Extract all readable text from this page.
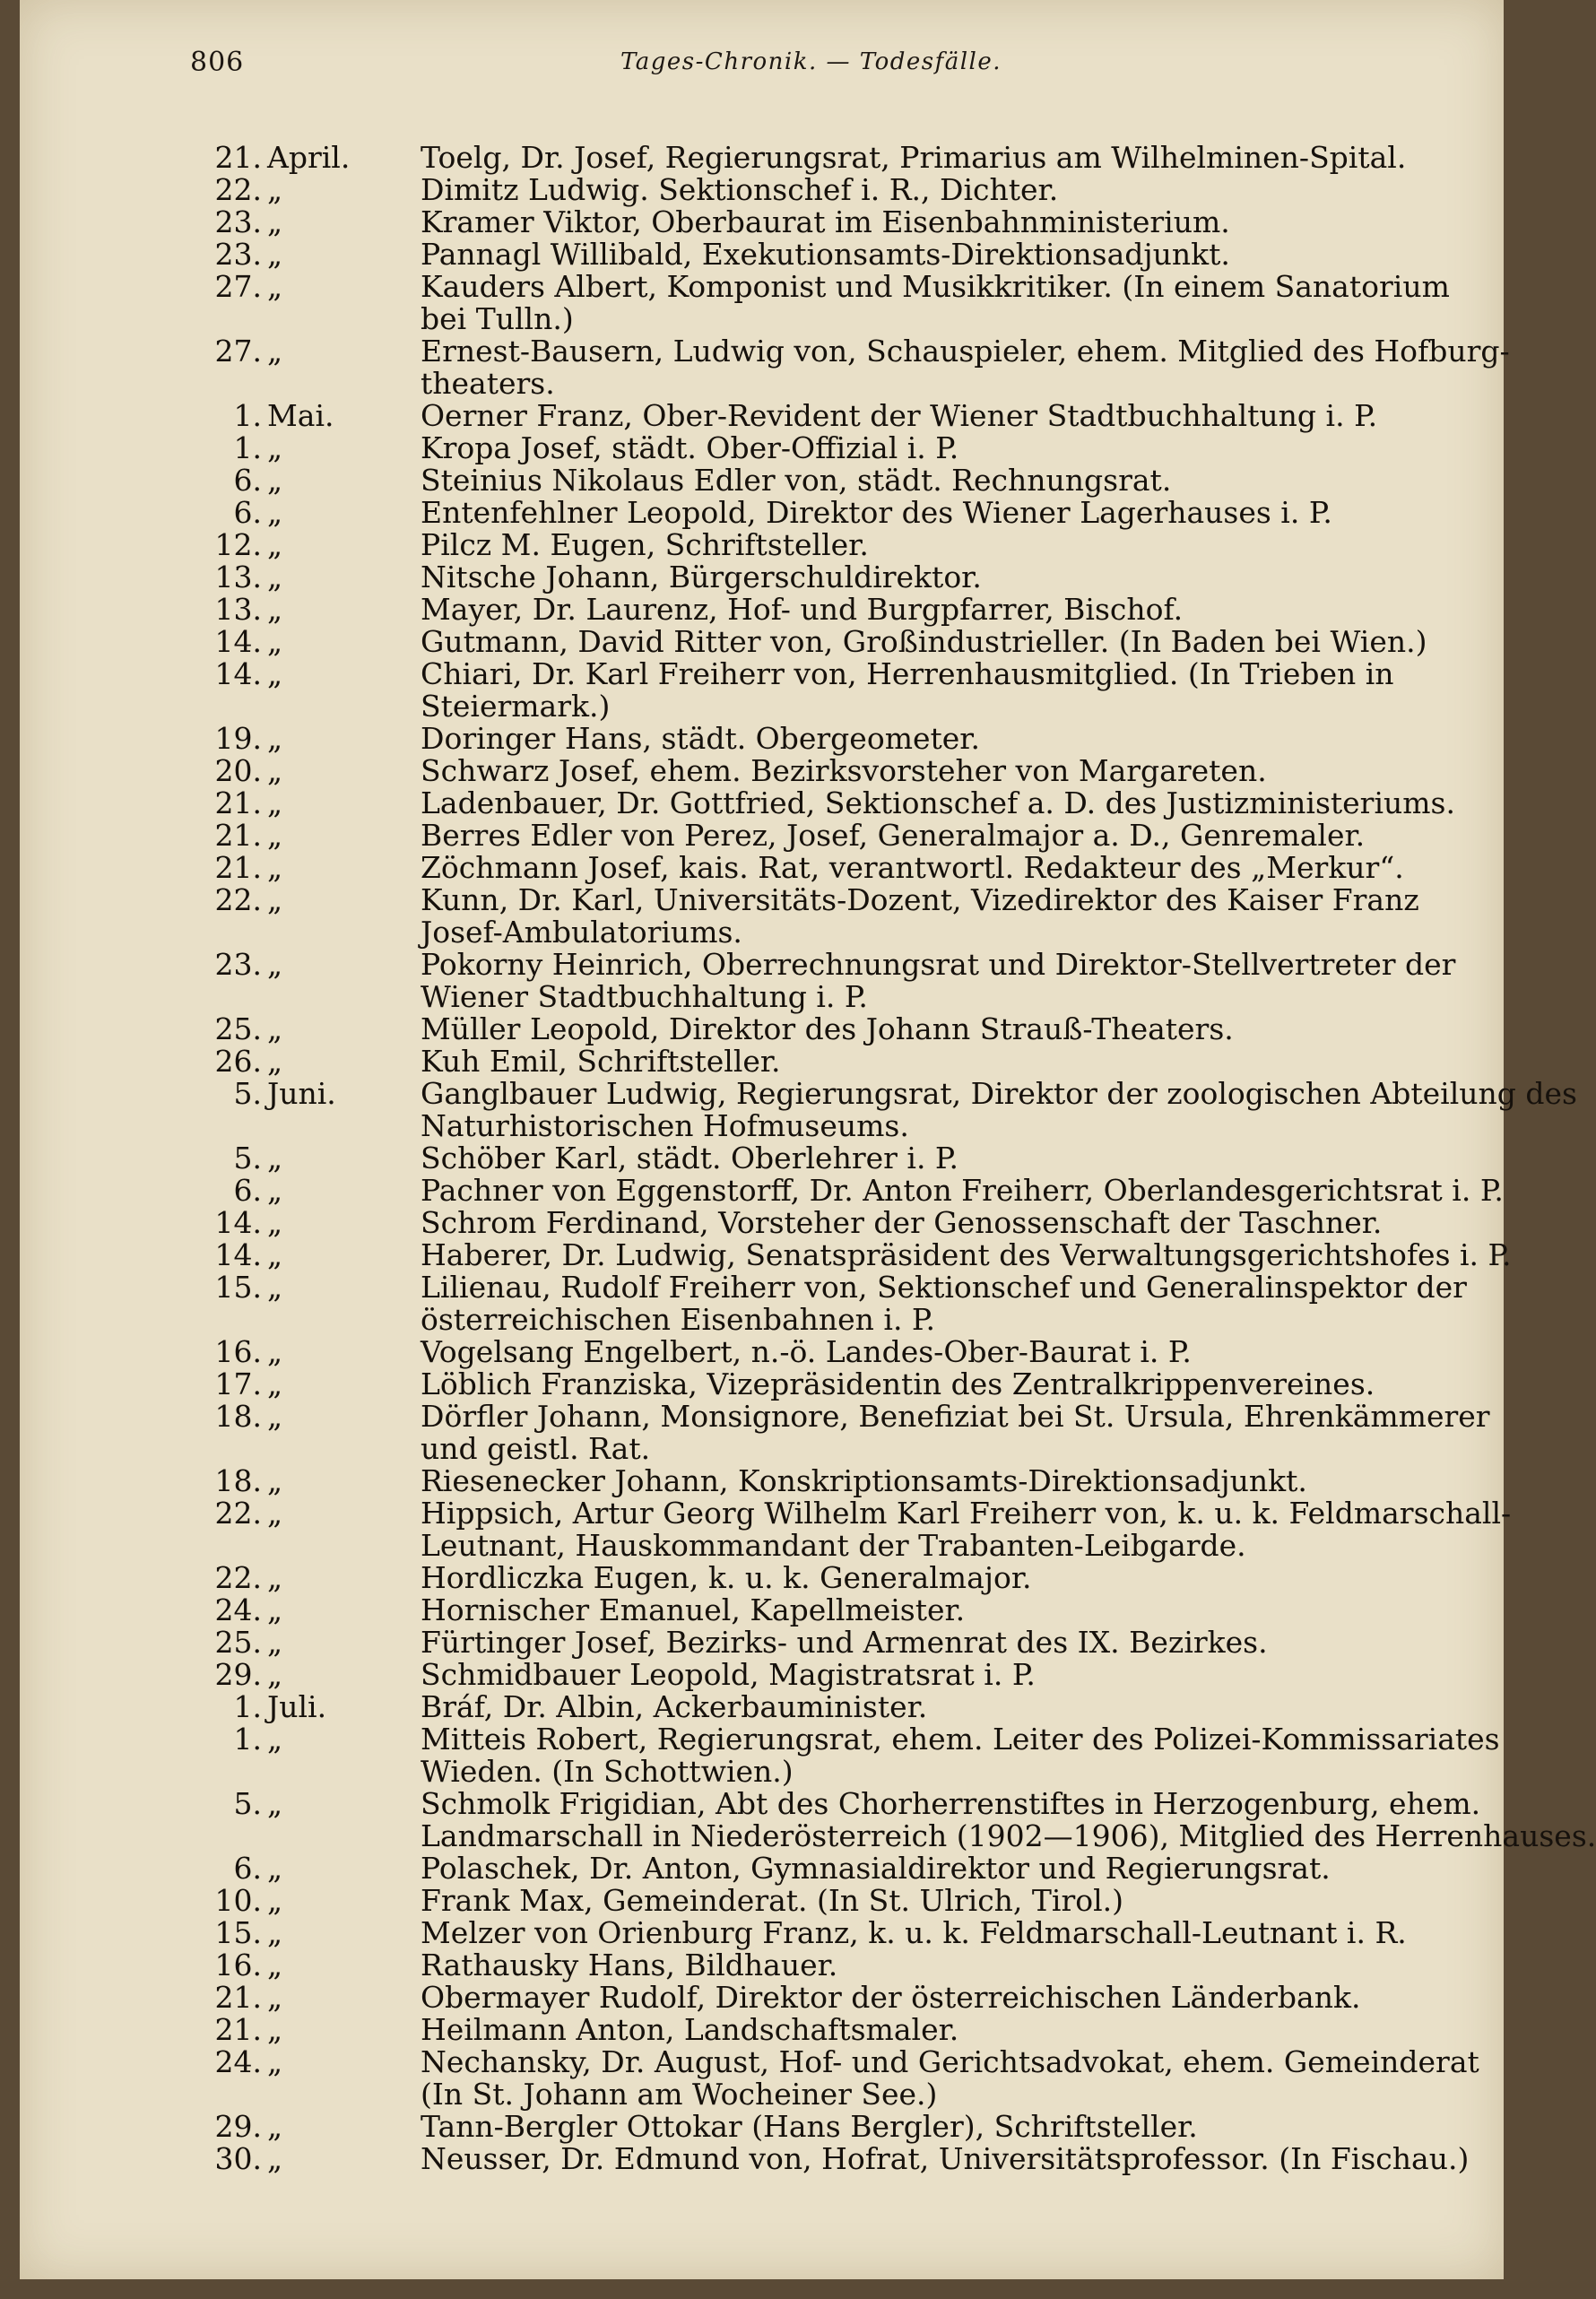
806	Tages-Chronik. — Todesfälle.
21. April.	Toelg, Dr. Josef, Regierungsrat, Primarius am Wilhelminen-Spital.
22. „	Dimitz Ludwig. Sektionschef i. R., Dichter.
23. „	Kramer Viktor, Oberbaurat im Eisenbahnministerium.
23. „	Pannagl Willibald, Exekutionsamts-Direktionsadjunkt.
27. „	Kauders Albert, Komponist und Musikkritiker. (In einem Sanatorium
bei Tulln.)
27. „	Ernest-Bausern, Ludwig von, Schauspieler, ehem. Mitglied des Hofburg-
theaters.
1. Mai.	Oerner Franz, Ober-Revident der Wiener Stadtbuchhaltung i. P.
1. „	Kropa Josef, städt. Ober-Offizial i. P.
6. „	Steinius Nikolaus Edler von, städt. Rechnungsrat.
6. „	Entenfehlner Leopold, Direktor des Wiener Lagerhauses i. P.
12. „	Pilcz M. Eugen, Schriftsteller.
13. „	Nitsche Johann, Bürgerschuldirektor.
13. „	Mayer, Dr. Laurenz, Hof- und Burgpfarrer, Bischof.
14. „	Gutmann, David Ritter von, Großindustrieller. (In Baden bei Wien.)
14. „	Chiari, Dr. Karl Freiherr von, Herrenhausmitglied. (In Trieben in
Steiermark.)
19. „	Doringer Hans, städt. Obergeometer.
20. „	Schwarz Josef, ehem. Bezirksvorsteher von Margareten.
21. „	Ladenbauer, Dr. Gottfried, Sektionschef a. D. des Justizministeriums.
21. „	Berres Edler von Perez, Josef, Generalmajor a. D., Genremaler.
21. „	Zöchmann Josef, kais. Rat, verantwortl. Redakteur des „Merkur“.
22. „	Kunn, Dr. Karl, Universitäts-Dozent, Vizedirektor des Kaiser Franz
Josef-Ambulatoriums.
23. „	Pokorny Heinrich, Oberrechnungsrat und Direktor-Stellvertreter der
Wiener Stadtbuchhaltung i. P.
25. „	Müller Leopold, Direktor des Johann Strauß-Theaters.
26. „	Kuh Emil, Schriftsteller.
5. Juni.	Ganglbauer Ludwig, Regierungsrat, Direktor der zoologischen Abteilung des
Naturhistorischen Hofmuseums.
5. „	Schöber Karl, städt. Oberlehrer i. P.
6. „	Pachner von Eggenstorff, Dr. Anton Freiherr, Oberlandesgerichtsrat i. P.
14. „	Schrom Ferdinand, Vorsteher der Genossenschaft der Taschner.
14. „	Haberer, Dr. Ludwig, Senatspräsident des Verwaltungsgerichtshofes i. P.
15. „	Lilienau, Rudolf Freiherr von, Sektionschef und Generalinspektor der
österreichischen Eisenbahnen i. P.
16. „	Vogelsang Engelbert, n.-ö. Landes-Ober-Baurat i. P.
17. „	Löblich Franziska, Vizepräsidentin des Zentralkrippenvereines.
18. „	Dörfler Johann, Monsignore, Benefiziat bei St. Ursula, Ehrenkämmerer
und geistl. Rat.
18. „	Riesenecker Johann, Konskriptionsamts-Direktionsadjunkt.
22. „	Hippsich, Artur Georg Wilhelm Karl Freiherr von, k. u. k. Feldmarschall-
Leutnant, Hauskommandant der Trabanten-Leibgarde.
22. „	Hordliczka Eugen, k. u. k. Generalmajor.
24. „	Hornischer Emanuel, Kapellmeister.
25. „	Fürtinger Josef, Bezirks- und Armenrat des IX. Bezirkes.
29. „	Schmidbauer Leopold, Magistratsrat i. P.
1. Juli.	Bráf, Dr. Albin, Ackerbauminister.
1. „	Mitteis Robert, Regierungsrat, ehem. Leiter des Polizei-Kommissariates
Wieden. (In Schottwien.)
5. „	Schmolk Frigidian, Abt des Chorherrenstiftes in Herzogenburg, ehem.
Landmarschall in Niederösterreich (1902—1906), Mitglied des Herrenhauses.
6. „	Polaschek, Dr. Anton, Gymnasialdirektor und Regierungsrat.
10. „	Frank Max, Gemeinderat. (In St. Ulrich, Tirol.)
15. „	Melzer von Orienburg Franz, k. u. k. Feldmarschall-Leutnant i. R.
16. „	Rathausky Hans, Bildhauer.
21. „	Obermayer Rudolf, Direktor der österreichischen Länderbank.
21. „	Heilmann Anton, Landschaftsmaler.
24. „	Nechansky, Dr. August, Hof- und Gerichtsadvokat, ehem. Gemeinderat
(In St. Johann am Wocheiner See.)
29. „	Tann-Bergler Ottokar (Hans Bergler), Schriftsteller.
30. „	Neusser, Dr. Edmund von, Hofrat, Universitätsprofessor. (In Fischau.)
